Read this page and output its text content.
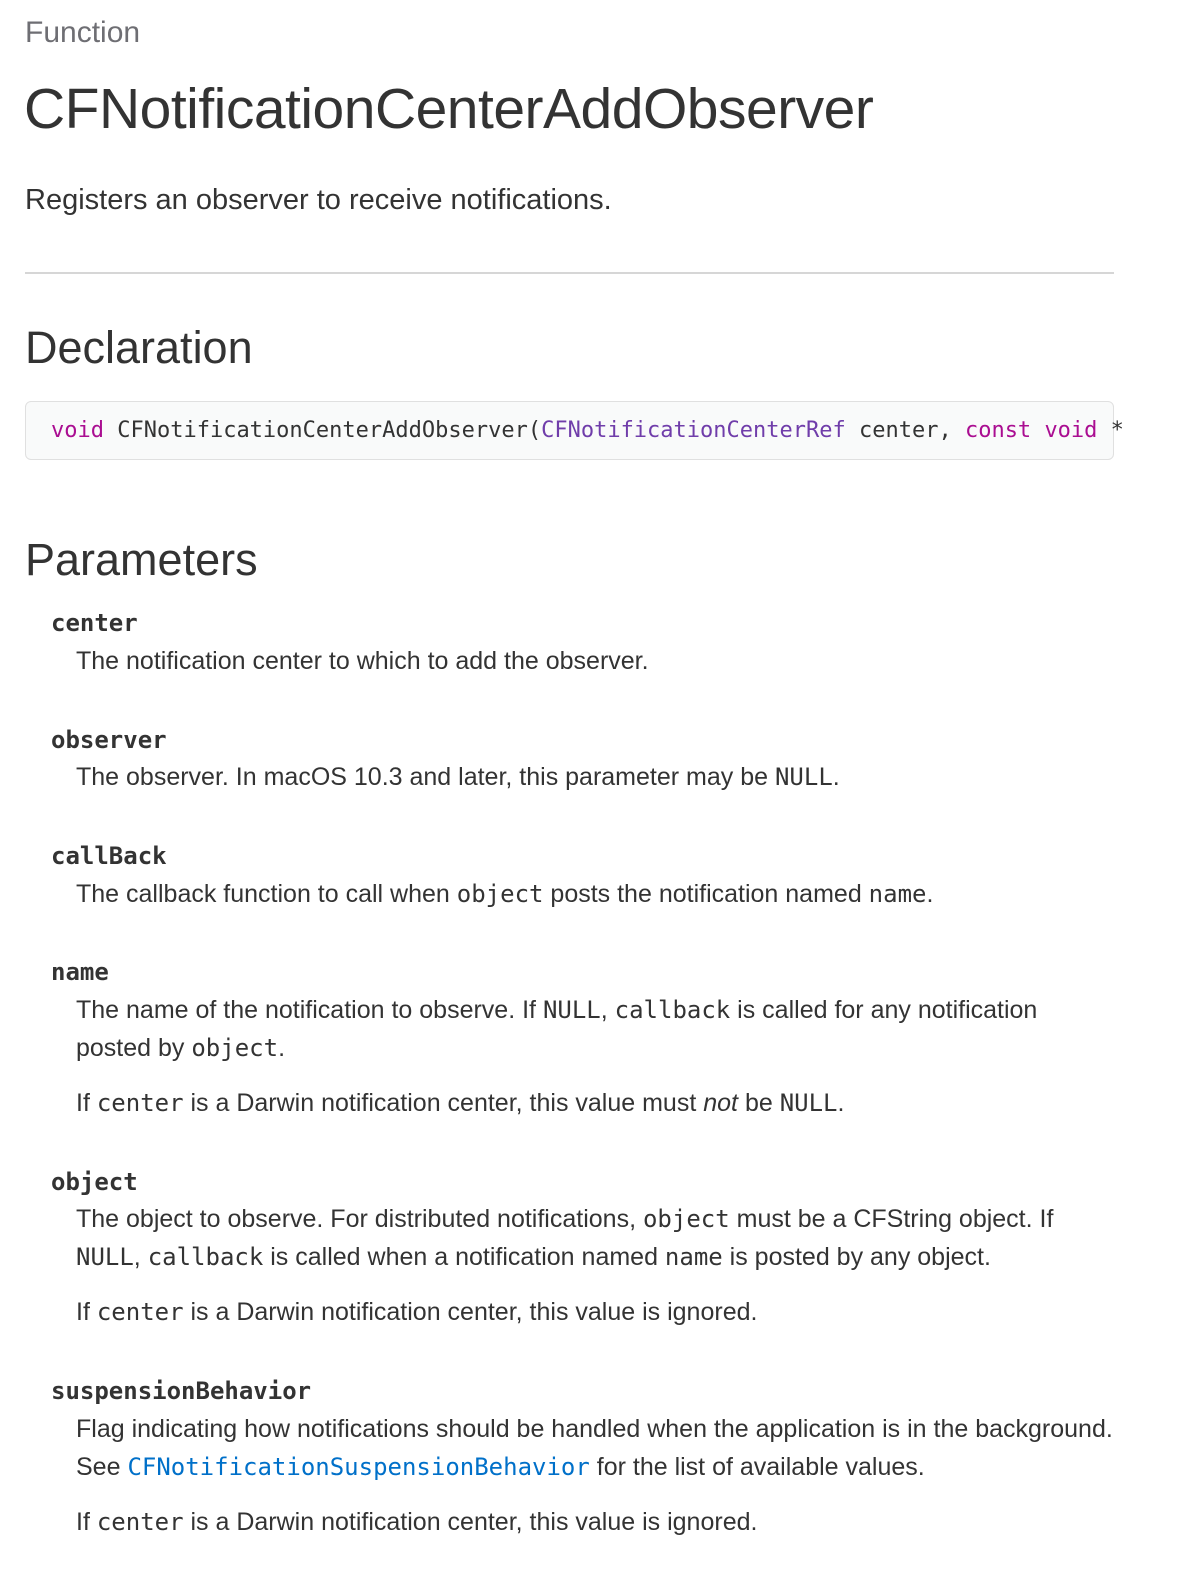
Function
CFNotificationCenterAddObserver

Registers an observer to receive notifications.

Declaration
void CFNotificationCenterAddObserver(CFNotificationCenterRef center, const void *
Parameters
center
The notification center to which to add the observer.
observer
The observer. In macOS 10.3 and later, this parameter may be NULL.
callBack
The callback function to call when object posts the notification named name.
name
The name of the notification to observe. If NULL, callback is called for any notification posted by object.
If center is a Darwin notification center, this value must not be NULL.
object
The object to observe. For distributed notifications, object must be a CFString object. If NULL, callback is called when a notification named name is posted by any object.
If center is a Darwin notification center, this value is ignored.
suspensionBehavior
Flag indicating how notifications should be handled when the application is in the background. See CFNotificationSuspensionBehavior for the list of available values.
If center is a Darwin notification center, this value is ignored.
